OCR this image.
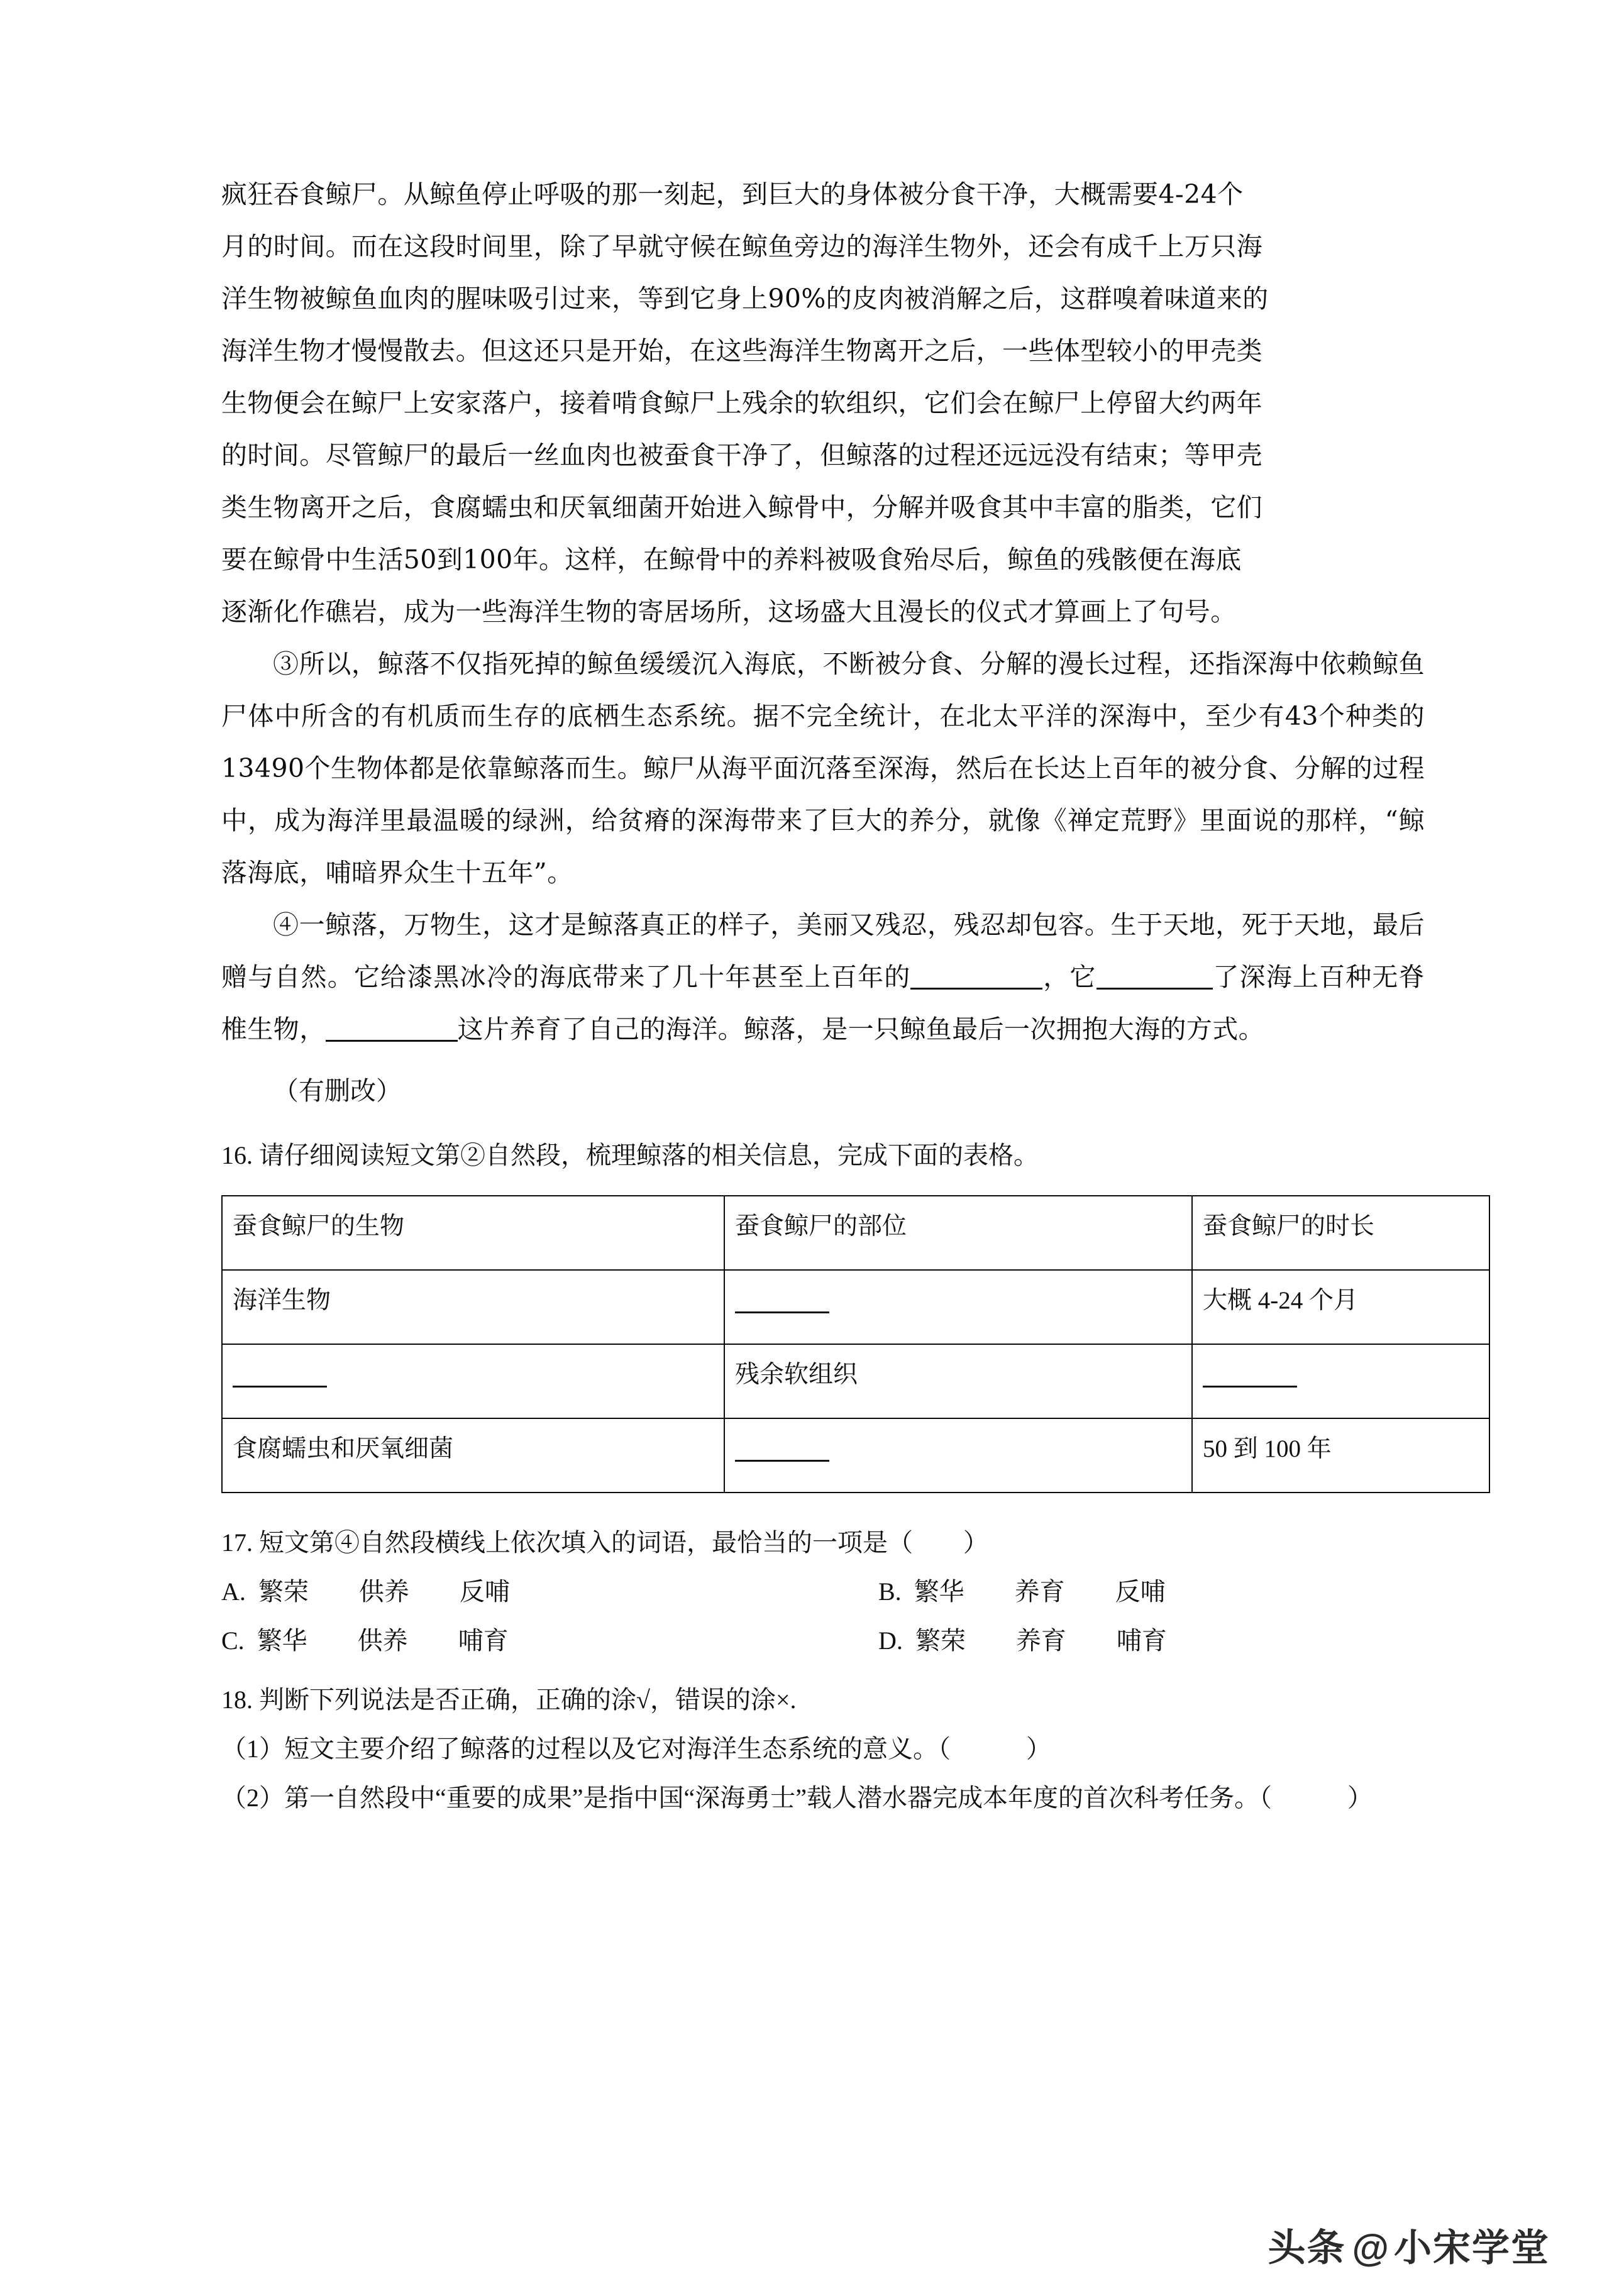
疯狂吞食鲸尸。从鲸鱼停止呼吸的那一刻起，到巨大的身体被分食干净，大概需要4-24个

月的时间。而在这段时间里，除了早就守候在鲸鱼旁边的海洋生物外，还会有成千上万只海

洋生物被鲸鱼血肉的腥味吸引过来，等到它身上90%的皮肉被消解之后，这群嗅着味道来的

海洋生物才慢慢散去。但这还只是开始，在这些海洋生物离开之后，一些体型较小的甲壳类

生物便会在鲸尸上安家落户，接着啃食鲸尸上残余的软组织，它们会在鲸尸上停留大约两年

的时间。尽管鲸尸的最后一丝血肉也被蚕食干净了，但鲸落的过程还远远没有结束；等甲壳

类生物离开之后，食腐蠕虫和厌氧细菌开始进入鲸骨中，分解并吸食其中丰富的脂类，它们

要在鲸骨中生活50到100年。这样，在鲸骨中的养料被吸食殆尽后，鲸鱼的残骸便在海底

逐渐化作礁岩，成为一些海洋生物的寄居场所，这场盛大且漫长的仪式才算画上了句号。

③所以，鲸落不仅指死掉的鲸鱼缓缓沉入海底，不断被分食、分解的漫长过程，还指深海中依赖鲸鱼尸体中所含的有机质而生存的底栖生态系统。据不完全统计，在北太平洋的深海中，至少有43个种类的13490个生物体都是依靠鲸落而生。鲸尸从海平面沉落至深海，然后在长达上百年的被分食、分解的过程中，成为海洋里最温暖的绿洲，给贫瘠的深海带来了巨大的养分，就像《禅定荒野》里面说的那样，“鲸落海底，哺暗界众生十五年”。

④一鲸落，万物生，这才是鲸落真正的样子，美丽又残忍，残忍却包容。生于天地，死于天地，最后赠与自然。它给漆黑冰冷的海底带来了几十年甚至上百年的	，它	了深海上百种无脊椎生物，	这片养育了自己的海洋。鲸落，是一只鲸鱼最后一次拥抱大海的方式。

（有删改）

16. 请仔细阅读短文第②自然段，梳理鲸落的相关信息，完成下面的表格。

蚕食鲸尸的生物	蚕食鲸尸的部位	蚕食鲸尸的时长
海洋生物		大概 4-24 个月
	残余软组织	
食腐蠕虫和厌氧细菌		50 到 100 年

17. 短文第④自然段横线上依次填入的词语，最恰当的一项是（　　）

A. 繁荣　　供养　　反哺	B. 繁华　　养育　　反哺
C. 繁华　　供养　　哺育	D. 繁荣　　养育　　哺育

18. 判断下列说法是否正确，正确的涂√，错误的涂×.

（1）短文主要介绍了鲸落的过程以及它对海洋生态系统的意义。（　　　）

（2）第一自然段中“重要的成果”是指中国“深海勇士”载人潜水器完成本年度的首次科考任务。（　　　）

头条 @ 小宋学堂
